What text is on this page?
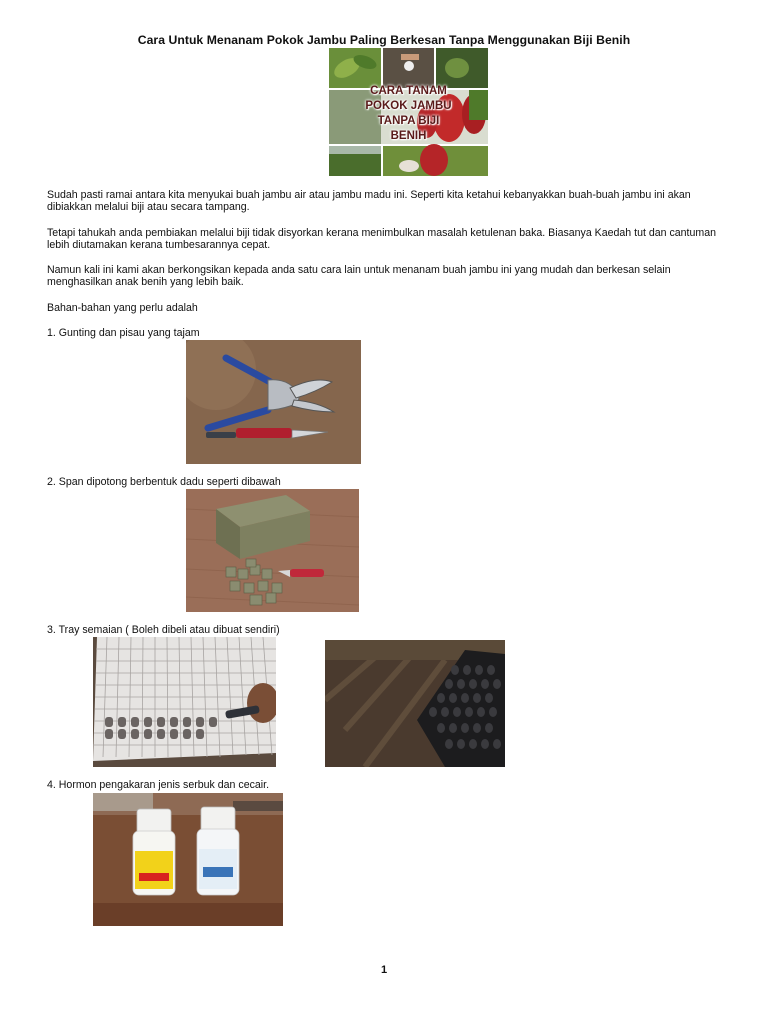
Cara Untuk Menanam Pokok Jambu Paling Berkesan Tanpa Menggunakan Biji Benih
CARA TANAM
POKOK JAMBU
TANPA BIJI
BENIH
Sudah pasti ramai antara kita menyukai buah jambu air atau jambu madu ini. Seperti kita ketahui kebanyakkan buah-buah jambu ini akan dibiakkan melalui biji atau secara tampang.
Tetapi tahukah anda pembiakan melalui biji tidak disyorkan kerana menimbulkan masalah ketulenan baka. Biasanya Kaedah tut dan cantuman lebih diutamakan kerana tumbesarannya cepat.
Namun kali ini kami akan berkongsikan kepada anda satu cara lain untuk menanam buah jambu ini yang mudah dan berkesan selain menghasilkan anak benih yang lebih baik.
Bahan-bahan yang perlu adalah
1. Gunting dan pisau yang tajam
2. Span dipotong berbentuk dadu seperti dibawah
3. Tray semaian ( Boleh dibeli atau dibuat sendiri)
4. Hormon pengakaran jenis serbuk dan cecair.
1
